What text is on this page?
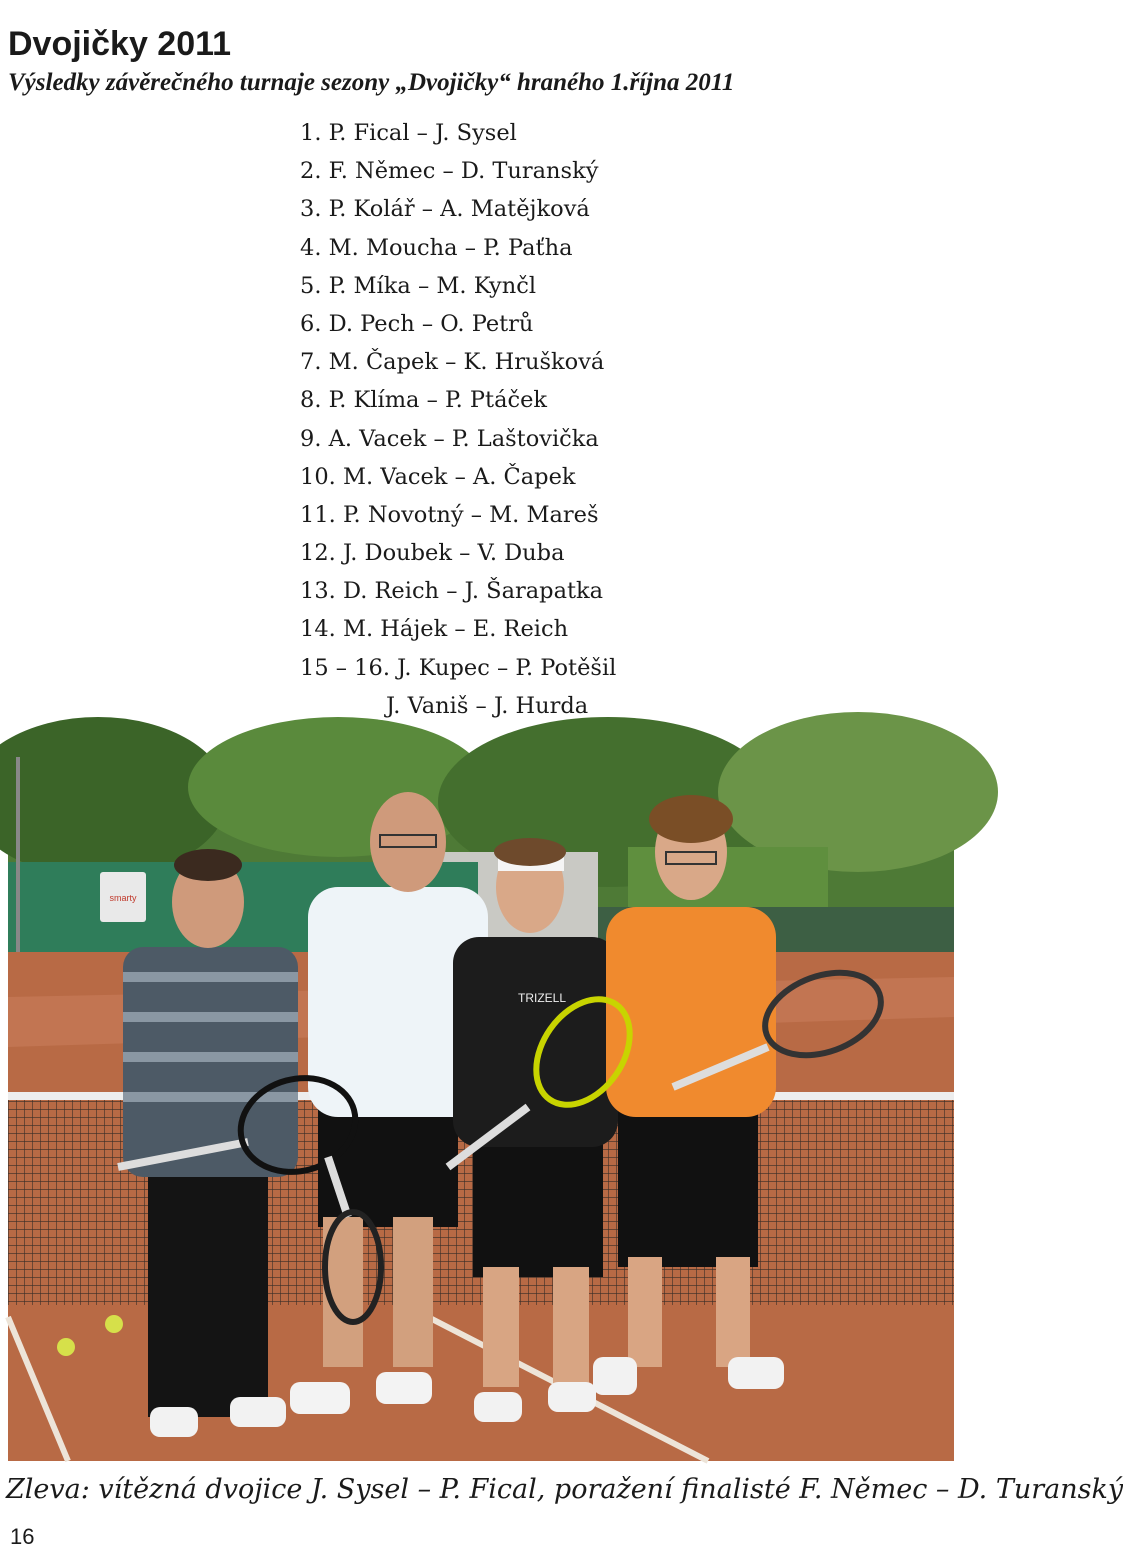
Dvojičky 2011
Výsledky závěrečného turnaje sezony „Dvojičky“ hraného 1.října 2011
1. P. Fical – J. Sysel
2. F. Němec – D. Turanský
3. P. Kolář – A. Matějková
4. M. Moucha – P. Paťha
5. P. Míka – M. Kynčl
6. D. Pech – O. Petrů
7. M. Čapek – K. Hrušková
8. P. Klíma – P. Ptáček
9. A. Vacek – P. Laštovička
10. M. Vacek – A. Čapek
11. P. Novotný – M. Mareš
12. J. Doubek – V. Duba
13. D. Reich – J. Šarapatka
14. M. Hájek – E. Reich
15 – 16. J. Kupec – P. Potěšil
J. Vaniš – J. Hurda
smarty
TRIZELL
Zleva: vítězná dvojice J. Sysel – P. Fical, poražení finalisté F. Němec – D. Turanský
16
